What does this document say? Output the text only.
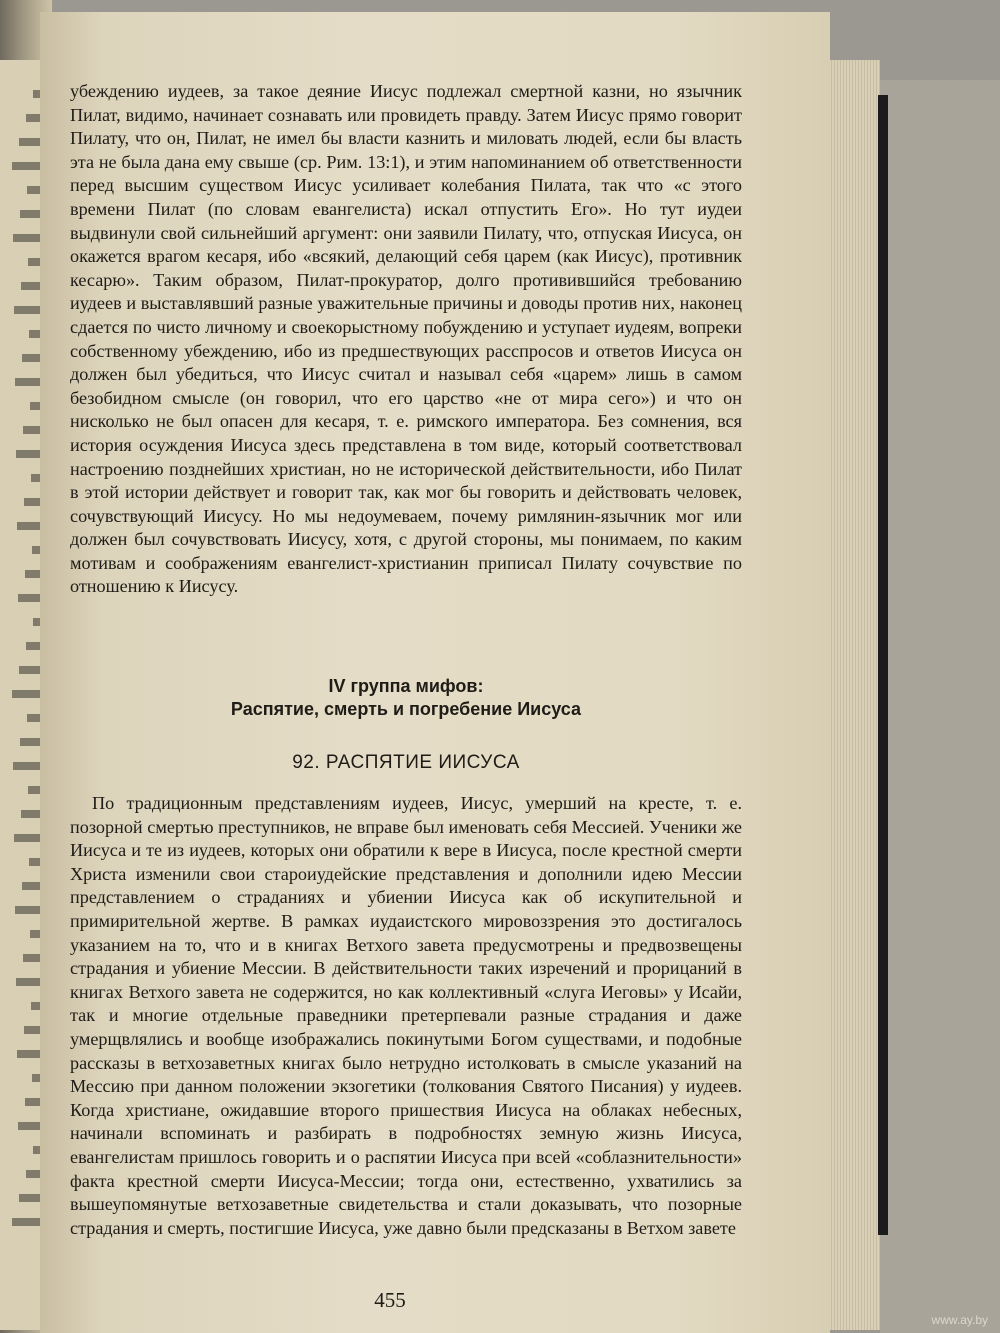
убеждению иудеев, за такое деяние Иисус подлежал смертной казни, но язычник Пилат, видимо, начинает сознавать или провидеть правду. Затем Иисус прямо говорит Пилату, что он, Пилат, не имел бы власти казнить и миловать людей, если бы власть эта не была дана ему свыше (ср. Рим. 13:1), и этим напоминанием об ответственности перед высшим существом Иисус усиливает колебания Пилата, так что «с этого времени Пилат (по словам евангелиста) искал отпустить Его». Но тут иудеи выдвинули свой сильнейший аргумент: они заявили Пилату, что, отпуская Иисуса, он окажется врагом кесаря, ибо «всякий, делающий себя царем (как Иисус), противник кесарю». Таким образом, Пилат-прокуратор, долго противившийся требованию иудеев и выставлявший разные уважительные причины и доводы против них, наконец сдается по чисто личному и своекорыстному побуждению и уступает иудеям, вопреки собственному убеждению, ибо из предшествующих расспросов и ответов Иисуса он должен был убедиться, что Иисус считал и называл себя «царем» лишь в самом безобидном смысле (он говорил, что его царство «не от мира сего») и что он нисколько не был опасен для кесаря, т. е. римского императора. Без сомнения, вся история осуждения Иисуса здесь представлена в том виде, который соответствовал настроению позднейших христиан, но не исторической действительности, ибо Пилат в этой истории действует и говорит так, как мог бы говорить и действовать человек, сочувствующий Иисусу. Но мы недоумеваем, почему римлянин-язычник мог или должен был сочувствовать Иисусу, хотя, с другой стороны, мы понимаем, по каким мотивам и соображениям евангелист-христианин приписал Пилату сочувствие по отношению к Иисусу.

IV группа мифов:
Распятие, смерть и погребение Иисуса
92. РАСПЯТИЕ ИИСУСА

По традиционным представлениям иудеев, Иисус, умерший на кресте, т. е. позорной смертью преступников, не вправе был именовать себя Мессией. Ученики же Иисуса и те из иудеев, которых они обратили к вере в Иисуса, после крестной смерти Христа изменили свои староиудейские представления и дополнили идею Мессии представлением о страданиях и убиении Иисуса как об искупительной и примирительной жертве. В рамках иудаистского мировоззрения это достигалось указанием на то, что и в книгах Ветхого завета предусмотрены и предвозвещены страдания и убиение Мессии. В действительности таких изречений и прорицаний в книгах Ветхого завета не содержится, но как коллективный «слуга Иеговы» у Исайи, так и многие отдельные праведники претерпевали разные страдания и даже умерщвлялись и вообще изображались покинутыми Богом существами, и подобные рассказы в ветхозаветных книгах было нетрудно истолковать в смысле указаний на Мессию при данном положении экзогетики (толкования Святого Писания) у иудеев. Когда христиане, ожидавшие второго пришествия Иисуса на облаках небесных, начинали вспоминать и разбирать в подробностях земную жизнь Иисуса, евангелистам пришлось говорить и о распятии Иисуса при всей «соблазнительности» факта крестной смерти Иисуса-Мессии; тогда они, естественно, ухватились за вышеупомянутые ветхозаветные свидетельства и стали доказывать, что позорные страдания и смерть, постигшие Иисуса, уже давно были предсказаны в Ветхом завете

455
www.ay.by
